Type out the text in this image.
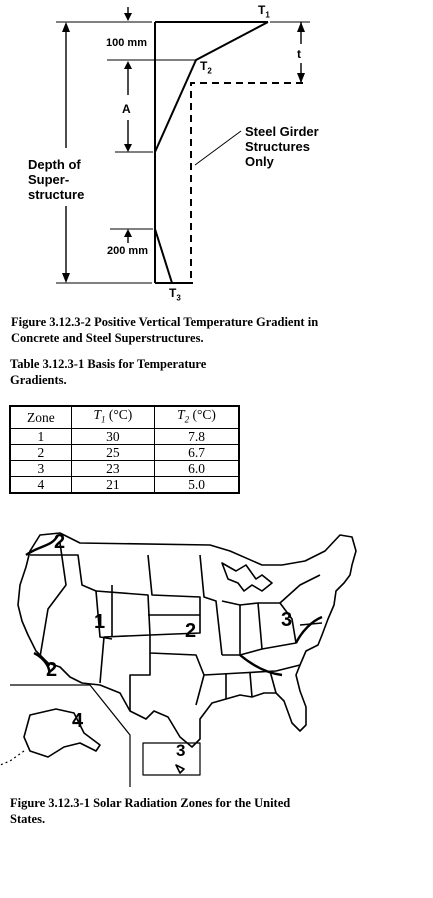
$T_1$
$T_2$
$T_3$
100 mm
200 mm
A
t
Depth of
Super-
structure
Steel Girder
Structures
Only
Figure 3.12.3-2 Positive Vertical Temperature Gradient in
Concrete and Steel Superstructures.
Table 3.12.3-1 Basis for Temperature
Gradients.
Zone	$T_1$ (°C)	$T_2$ (°C)
1	30	7.8
2	25	6.7
3	23	6.0
4	21	5.0
2
1	2
2
3
4
3
Figure 3.12.3-1 Solar Radiation Zones for the United
States.
